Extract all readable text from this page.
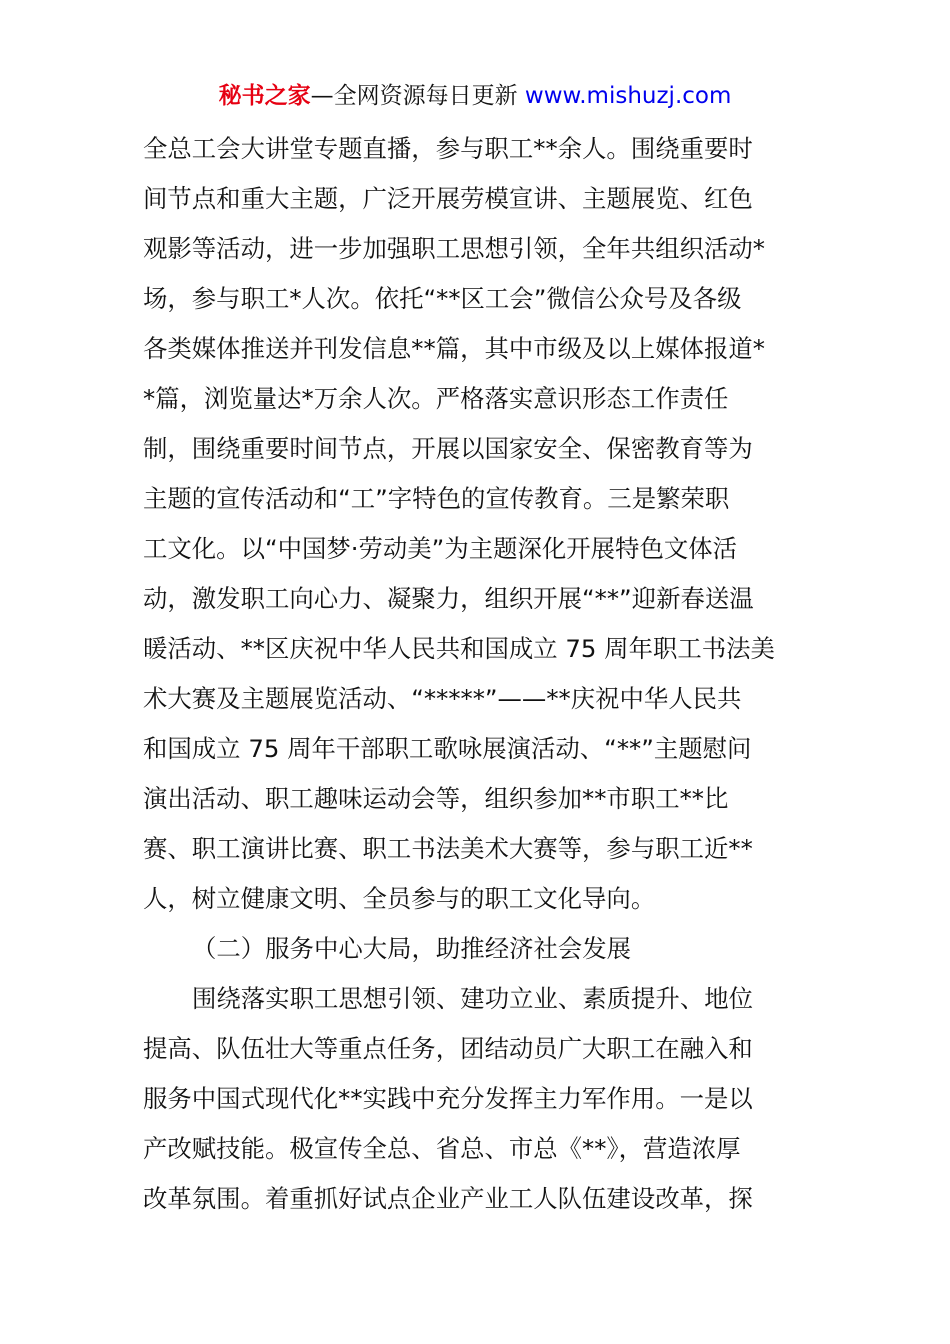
秘书之家—全网资源每日更新 www.mishuzj.com
全总工会大讲堂专题直播，参与职工**余人。围绕重要时
间节点和重大主题，广泛开展劳模宣讲、主题展览、红色
观影等活动，进一步加强职工思想引领，全年共组织活动*
场，参与职工*人次。依托“**区工会”微信公众号及各级
各类媒体推送并刊发信息**篇，其中市级及以上媒体报道*
*篇，浏览量达*万余人次。严格落实意识形态工作责任
制，围绕重要时间节点，开展以国家安全、保密教育等为
主题的宣传活动和“工”字特色的宣传教育。三是繁荣职
工文化。以“中国梦·劳动美”为主题深化开展特色文体活
动，激发职工向心力、凝聚力，组织开展“**”迎新春送温
暖活动、**区庆祝中华人民共和国成立 75 周年职工书法美
术大赛及主题展览活动、“*****”——**庆祝中华人民共
和国成立 75 周年干部职工歌咏展演活动、“**”主题慰问
演出活动、职工趣味运动会等，组织参加**市职工**比
赛、职工演讲比赛、职工书法美术大赛等，参与职工近**
人，树立健康文明、全员参与的职工文化导向。
（二）服务中心大局，助推经济社会发展
围绕落实职工思想引领、建功立业、素质提升、地位
提高、队伍壮大等重点任务，团结动员广大职工在融入和
服务中国式现代化**实践中充分发挥主力军作用。一是以
产改赋技能。极宣传全总、省总、市总《**》，营造浓厚
改革氛围。着重抓好试点企业产业工人队伍建设改革，探
